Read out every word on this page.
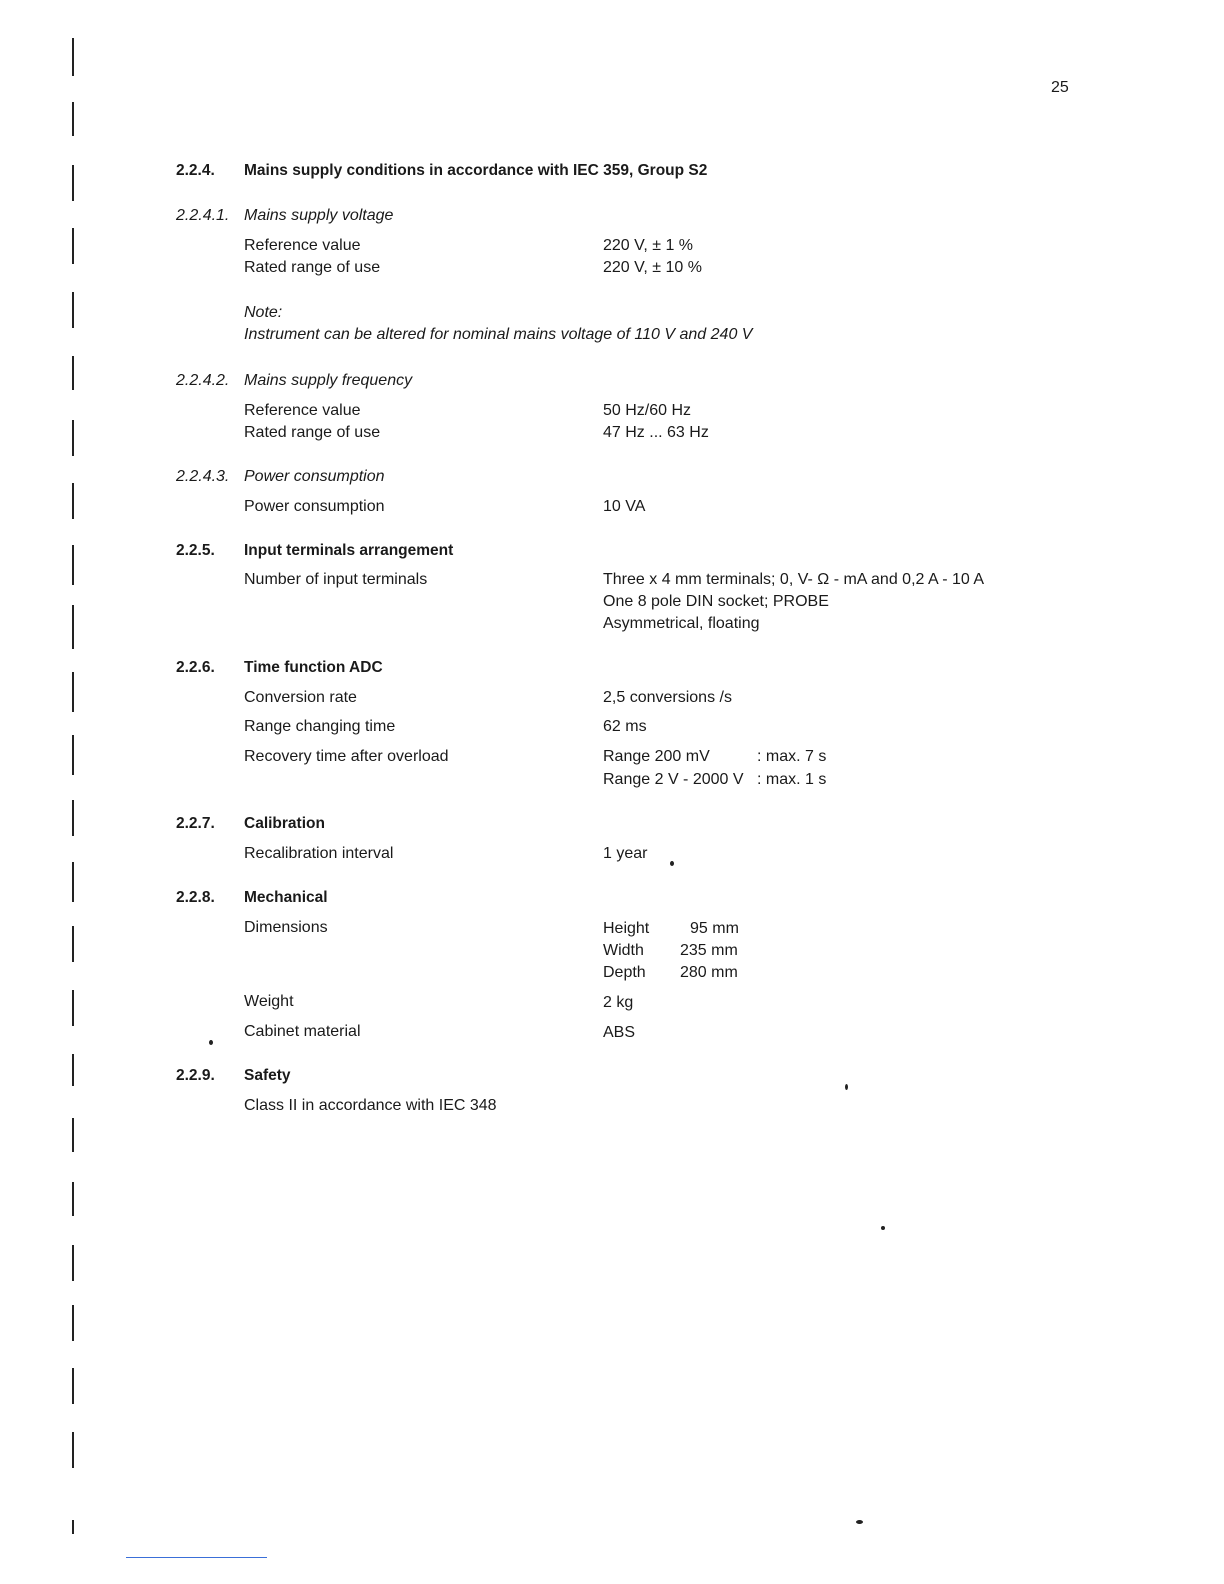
25
2.2.4. Mains supply conditions in accordance with IEC 359, Group S2
2.2.4.1. Mains supply voltage
Reference value	220 V, ± 1 %
Rated range of use	220 V, ± 10 %
Note:
Instrument can be altered for nominal mains voltage of 110 V and 240 V
2.2.4.2. Mains supply frequency
Reference value	50 Hz/60 Hz
Rated range of use	47 Hz ... 63 Hz
2.2.4.3. Power consumption
Power consumption	10 VA
2.2.5. Input terminals arrangement
Number of input terminals	Three x 4 mm terminals; 0, V- Ω - mA and 0,2 A - 10 A
One 8 pole DIN socket; PROBE
Asymmetrical, floating
2.2.6. Time function ADC
Conversion rate	2,5 conversions /s
Range changing time	62 ms
Recovery time after overload	Range 200 mV	: max. 7 s
Range 2 V - 2000 V : max. 1 s
2.2.7. Calibration
Recalibration interval	1 year
2.2.8. Mechanical
Dimensions	Height	95 mm
Width 235 mm
Depth 280 mm
Weight	2 kg
Cabinet material	ABS
2.2.9. Safety
Class II in accordance with IEC 348
